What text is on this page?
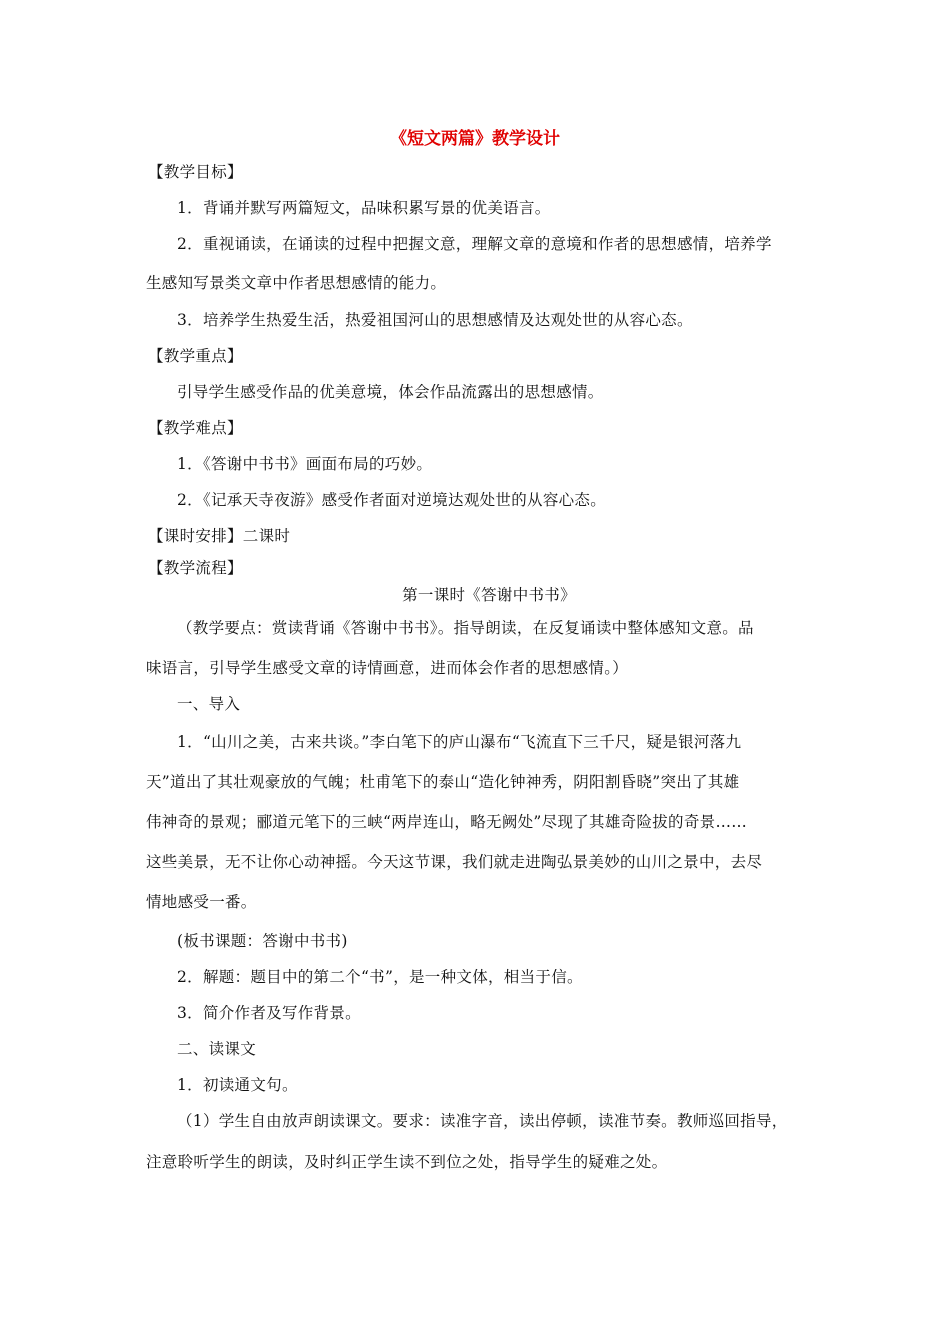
《短文两篇》教学设计
【教学目标】
1．背诵并默写两篇短文，品味积累写景的优美语言。
2．重视诵读，在诵读的过程中把握文意，理解文章的意境和作者的思想感情，培养学
生感知写景类文章中作者思想感情的能力。
3．培养学生热爱生活，热爱祖国河山的思想感情及达观处世的从容心态。
【教学重点】
引导学生感受作品的优美意境，体会作品流露出的思想感情。
【教学难点】
1．《答谢中书书》画面布局的巧妙。
2．《记承天寺夜游》感受作者面对逆境达观处世的从容心态。
【课时安排】二课时
【教学流程】
第一课时《答谢中书书》
（教学要点：赏读背诵《答谢中书书》。指导朗读，在反复诵读中整体感知文意。品
味语言，引导学生感受文章的诗情画意，进而体会作者的思想感情。）
一、导入
1．“山川之美，古来共谈。”李白笔下的庐山瀑布“飞流直下三千尺，疑是银河落九
天”道出了其壮观豪放的气魄；杜甫笔下的泰山“造化钟神秀，阴阳割昏晓”突出了其雄
伟神奇的景观；郦道元笔下的三峡“两岸连山，略无阙处”尽现了其雄奇险拔的奇景……
这些美景，无不让你心动神摇。今天这节课，我们就走进陶弘景美妙的山川之景中，去尽
情地感受一番。
(板书课题：答谢中书书)
2．解题：题目中的第二个“书”，是一种文体，相当于信。
3．简介作者及写作背景。
二、读课文
1．初读通文句。
（1）学生自由放声朗读课文。要求：读准字音，读出停顿，读准节奏。教师巡回指导，
注意聆听学生的朗读，及时纠正学生读不到位之处，指导学生的疑难之处。
